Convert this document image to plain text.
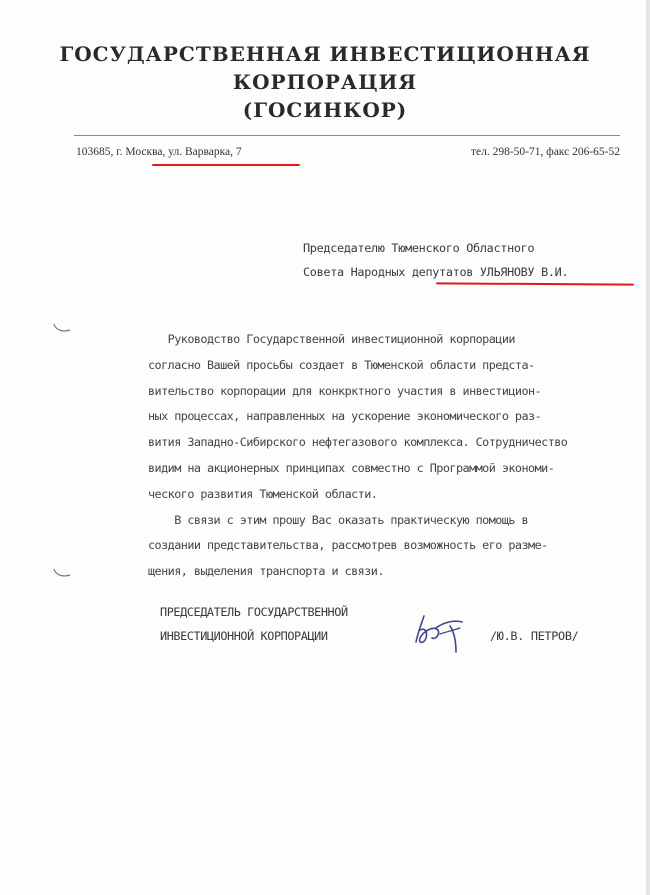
ГОСУДАРСТВЕННАЯ ИНВЕСТИЦИОННАЯ
КОРПОРАЦИЯ
(ГОСИНКОР)
103685, г. Москва, ул. Варварка, 7	тел. 298-50-71, факс 206-65-52
Председателю Тюменского Областного
Совета Народных депутатов УЛЬЯНОВУ В.И.
Руководство Государственной инвестиционной корпорации
согласно Вашей просьбы создает в Тюменской области предста-
вительство корпорации для конкрктного участия в инвестицион-
ных процессах, направленных на ускорение экономического раз-
вития Западно-Сибирского нефтегазового комплекса. Сотрудничество
видим на акционерных принципах совместно с Программой экономи-
ческого развития Тюменской области.
В связи с этим прошу Вас оказать практическую помощь в
создании представительства, рассмотрев возможность его разме-
щения, выделения транспорта и связи.
ПРЕДСЕДАТЕЛЬ ГОСУДАРСТВЕННОЙ
ИНВЕСТИЦИОННОЙ КОРПОРАЦИИ	/Ю.В. ПЕТРОВ/
